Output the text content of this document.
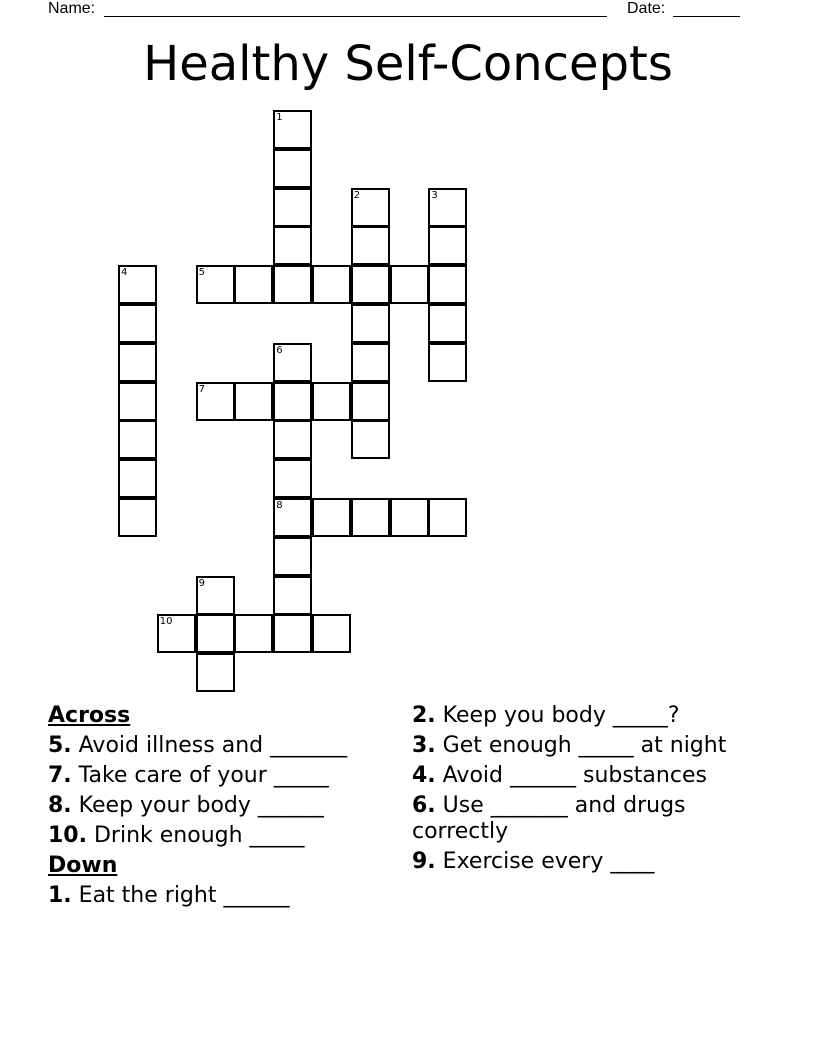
Name:	Date:
Healthy Self-Concepts
1
2	3
4	5
6
7
8
9
10
Across
5. Avoid illness and _______
7. Take care of your _____
8. Keep your body ______
10. Drink enough _____
Down
1. Eat the right ______
2. Keep you body _____?
3. Get enough _____ at night
4. Avoid ______ substances
6. Use _______ and drugs correctly
9. Exercise every ____
